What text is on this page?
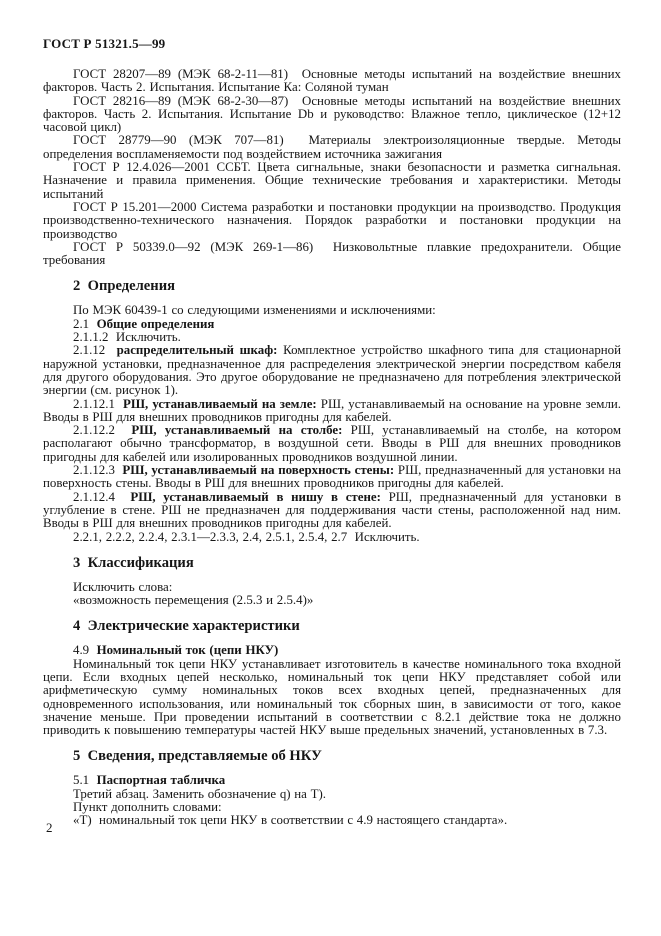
ГОСТ Р 51321.5—99

ГОСТ 28207—89 (МЭК 68-2-11—81)  Основные методы испытаний на воздействие внешних факторов. Часть 2. Испытания. Испытание Ка: Соляной туман

ГОСТ 28216—89 (МЭК 68-2-30—87)  Основные методы испытаний на воздействие внешних факторов. Часть 2. Испытания. Испытание Db и руководство: Влажное тепло, циклическое (12+12 часовой цикл)

ГОСТ 28779—90 (МЭК 707—81)  Материалы электроизоляционные твердые. Методы определения воспламеняемости под воздействием источника зажигания

ГОСТ Р 12.4.026—2001 ССБТ. Цвета сигнальные, знаки безопасности и разметка сигнальная. Назначение и правила применения. Общие технические требования и характеристики. Методы испытаний

ГОСТ Р 15.201—2000 Система разработки и постановки продукции на производство. Продукция производственно-технического назначения. Порядок разработки и постановки продукции на производство

ГОСТ Р 50339.0—92 (МЭК 269-1—86)  Низковольтные плавкие предохранители. Общие требования

2  Определения

По МЭК 60439-1 со следующими изменениями и исключениями:

2.1  Общие определения

2.1.1.2  Исключить.

2.1.12  распределительный шкаф: Комплектное устройство шкафного типа для стационарной наружной установки, предназначенное для распределения электрической энергии посредством кабеля для другого оборудования. Это другое оборудование не предназначено для потребления электрической энергии (см. рисунок 1).

2.1.12.1  РШ, устанавливаемый на земле: РШ, устанавливаемый на основание на уровне земли. Вводы в РШ для внешних проводников пригодны для кабелей.

2.1.12.2  РШ, устанавливаемый на столбе: РШ, устанавливаемый на столбе, на котором располагают обычно трансформатор, в воздушной сети. Вводы в РШ для внешних проводников пригодны для кабелей или изолированных проводников воздушной линии.

2.1.12.3  РШ, устанавливаемый на поверхность стены: РШ, предназначенный для установки на поверхность стены. Вводы в РШ для внешних проводников пригодны для кабелей.

2.1.12.4  РШ, устанавливаемый в нишу в стене: РШ, предназначенный для установки в углубление в стене. РШ не предназначен для поддерживания части стены, расположенной над ним. Вводы в РШ для внешних проводников пригодны для кабелей.

2.2.1, 2.2.2, 2.2.4, 2.3.1—2.3.3, 2.4, 2.5.1, 2.5.4, 2.7  Исключить.

3  Классификация

Исключить слова:

«возможность перемещения (2.5.3 и 2.5.4)»

4  Электрические характеристики

4.9  Номинальный ток (цепи НКУ)

Номинальный ток цепи НКУ устанавливает изготовитель в качестве номинального тока входной цепи. Если входных цепей несколько, номинальный ток цепи НКУ представляет собой или арифметическую сумму номинальных токов всех входных цепей, предназначенных для одновременного использования, или номинальный ток сборных шин, в зависимости от того, какое значение меньше. При проведении испытаний в соответствии с 8.2.1 действие тока не должно приводить к повышению температуры частей НКУ выше предельных значений, установленных в 7.3.

5  Сведения, представляемые об НКУ

5.1  Паспортная табличка

Третий абзац. Заменить обозначение q) на Т).

Пункт дополнить словами:

«Т)  номинальный ток цепи НКУ в соответствии с 4.9 настоящего стандарта».

2
